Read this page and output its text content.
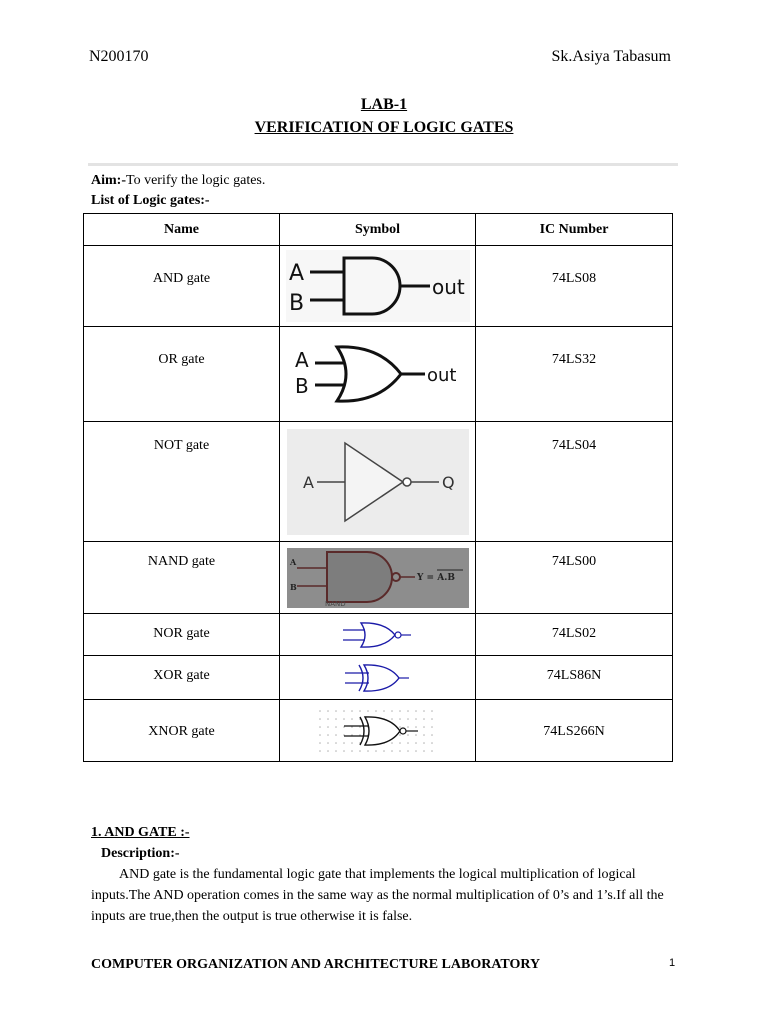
N200170	Sk.Asiya Tabasum
LAB-1
VERIFICATION OF LOGIC GATES
Aim:-To verify the logic gates.
List of Logic gates:-
Name	Symbol	IC Number

AND gate	A
B
out	74LS08

OR gate	A
B out	74LS32

NOT gate	A Q	74LS04

NAND gate	A
B
Y = A.B
NAND	74LS00

NOR gate		74LS02

XOR gate		74LS86N

XNOR gate		74LS266N
1. AND GATE :-
Description:-
AND gate is the fundamental logic gate that implements the logical multiplication of logical inputs.The AND operation comes in the same way as the normal multiplication of 0’s and 1’s.If all the inputs are true,then the output is true otherwise it is false.
COMPUTER ORGANIZATION AND ARCHITECTURE LABORATORY	1
